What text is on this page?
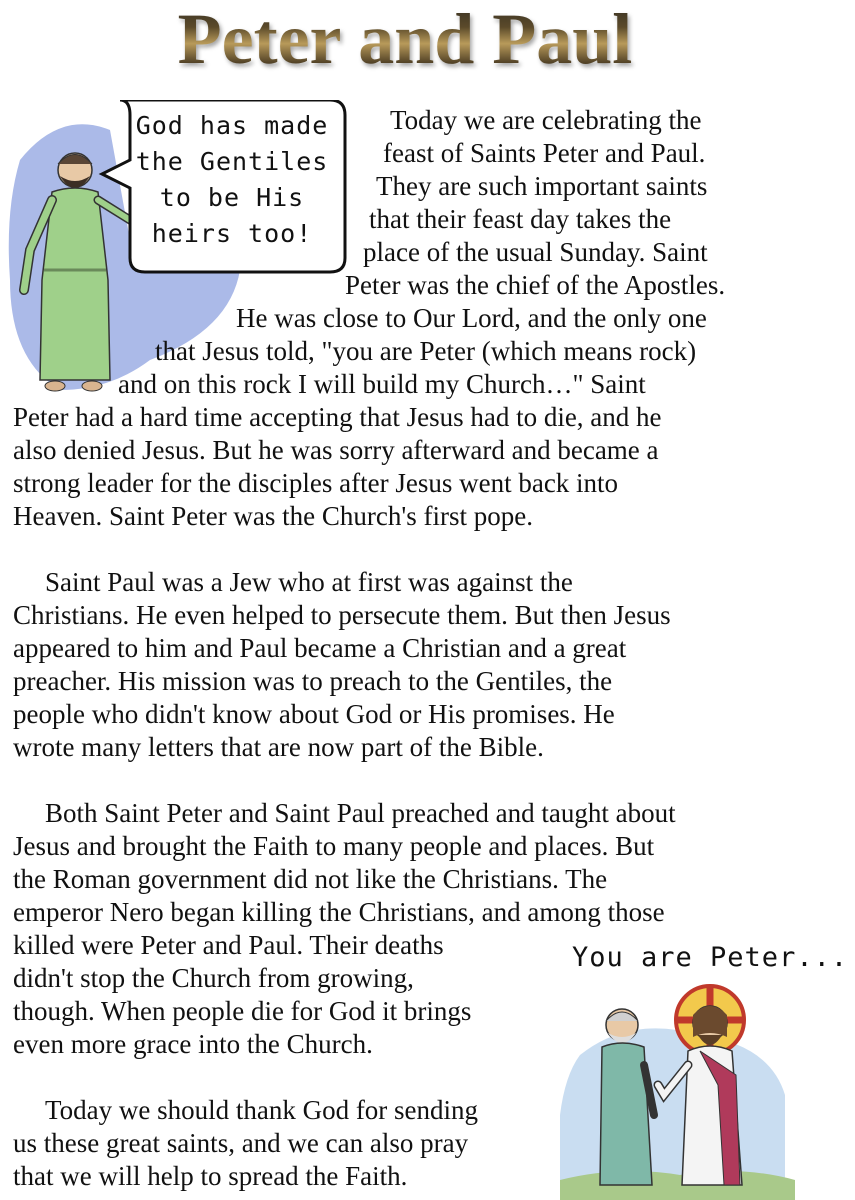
Peter and Paul
God has made
the Gentiles
to be His
heirs too!

Today we are celebrating the

feast of Saints Peter and Paul.

They are such important saints

that their feast day takes the

place of the usual Sunday. Saint

Peter was the chief of the Apostles.

He was close to Our Lord, and the only one

that Jesus told, "you are Peter (which means rock)

and on this rock I will build my Church…" Saint

Peter had a hard time accepting that Jesus had to die, and he

also denied Jesus. But he was sorry afterward and became a

strong leader for the disciples after Jesus went back into

Heaven. Saint Peter was the Church's first pope.

Saint Paul was a Jew who at first was against the

Christians. He even helped to persecute them. But then Jesus

appeared to him and Paul became a Christian and a great

preacher. His mission was to preach to the Gentiles, the

people who didn't know about God or His promises. He

wrote many letters that are now part of the Bible.

Both Saint Peter and Saint Paul preached and taught about

Jesus and brought the Faith to many people and places. But

the Roman government did not like the Christians. The

emperor Nero began killing the Christians, and among those

killed were Peter and Paul. Their deaths

didn't stop the Church from growing,

though. When people die for God it brings

even more grace into the Church.

Today we should thank God for sending

us these great saints, and we can also pray

that we will help to spread the Faith.

You are Peter...
